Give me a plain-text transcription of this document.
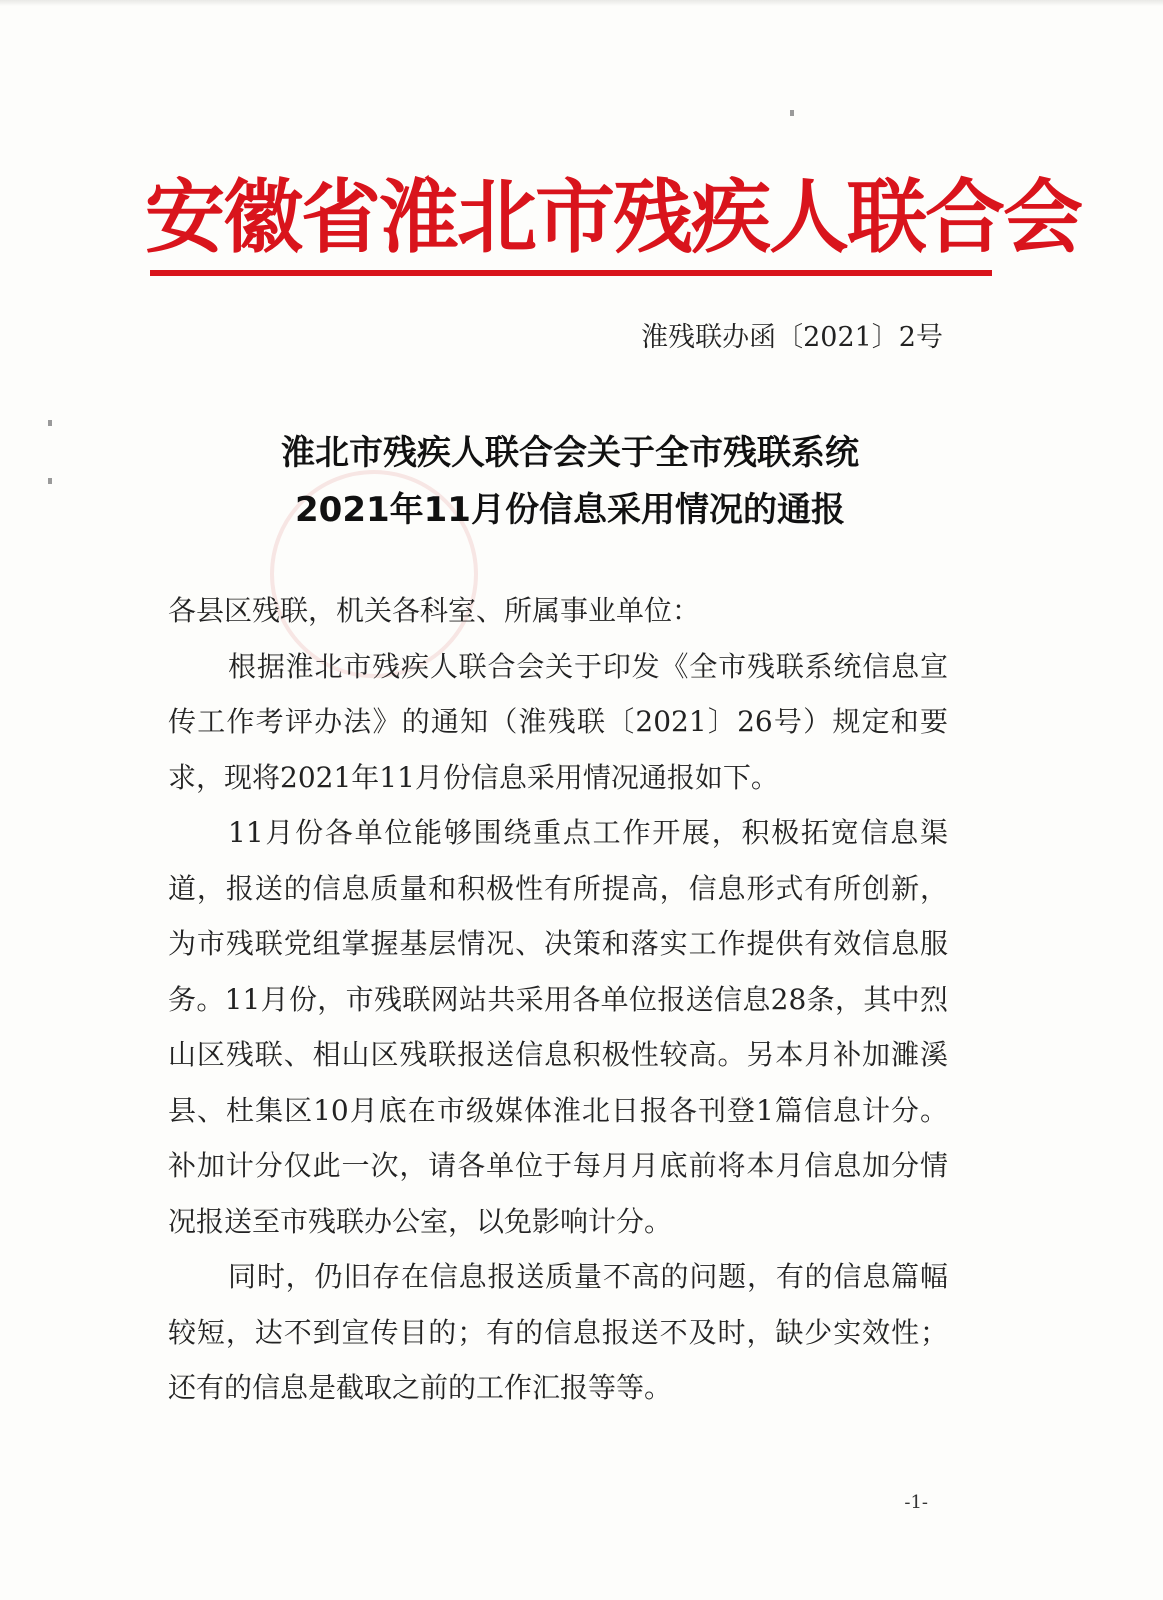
安徽省淮北市残疾人联合会
淮残联办函〔2021〕2号
淮北市残疾人联合会关于全市残联系统
2021年11月份信息采用情况的通报

各县区残联，机关各科室、所属事业单位：

根据淮北市残疾人联合会关于印发《全市残联系统信息宣传工作考评办法》的通知（淮残联〔2021〕26号）规定和要求，现将2021年11月份信息采用情况通报如下。

11月份各单位能够围绕重点工作开展，积极拓宽信息渠道，报送的信息质量和积极性有所提高，信息形式有所创新，为市残联党组掌握基层情况、决策和落实工作提供有效信息服务。11月份，市残联网站共采用各单位报送信息28条，其中烈山区残联、相山区残联报送信息积极性较高。另本月补加濉溪县、杜集区10月底在市级媒体淮北日报各刊登1篇信息计分。补加计分仅此一次，请各单位于每月月底前将本月信息加分情况报送至市残联办公室，以免影响计分。

同时，仍旧存在信息报送质量不高的问题，有的信息篇幅较短，达不到宣传目的；有的信息报送不及时，缺少实效性；还有的信息是截取之前的工作汇报等等。

-1-
